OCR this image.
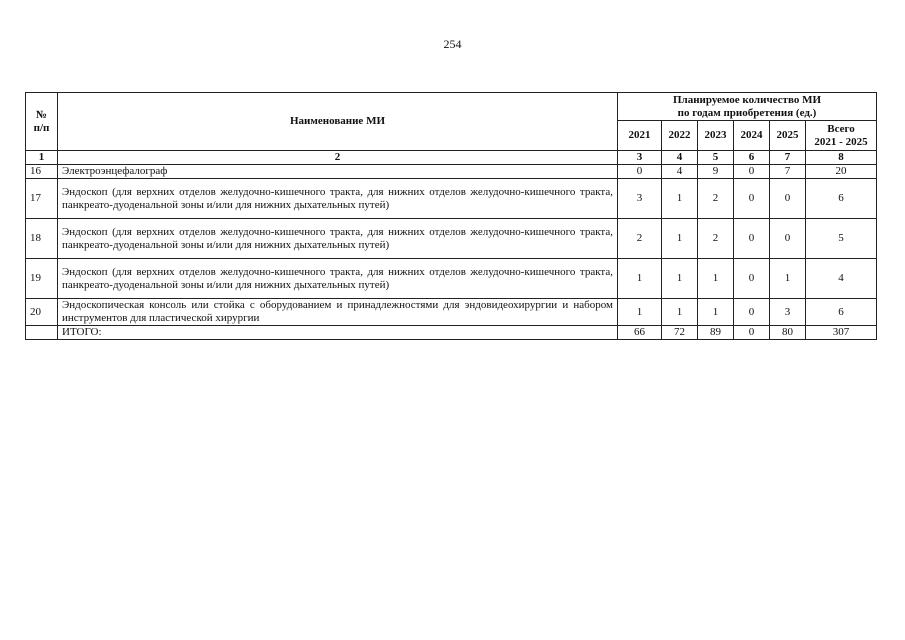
254
№
п/п	Наименование МИ	Планируемое количество МИ
по годам приобретения (ед.)					

		2021	2022	2023	2024	2025	Всего
2021 - 2025

1	2	3	4	5	6	7	8
16	Электроэнцефалограф	0	4	9	0	7	20
17	Эндоскоп (для верхних отделов желудочно-кишечного тракта, для нижних отделов желудочно-кишечного тракта, панкреато-дуоденальной зоны и/или для нижних дыхательных путей)	3	1	2	0	0	6
18	Эндоскоп (для верхних отделов желудочно-кишечного тракта, для нижних отделов желудочно-кишечного тракта, панкреато-дуоденальной зоны и/или для нижних дыхательных путей)	2	1	2	0	0	5
19	Эндоскоп (для верхних отделов желудочно-кишечного тракта, для нижних отделов желудочно-кишечного тракта, панкреато-дуоденальной зоны и/или для нижних дыхательных путей)	1	1	1	0	1	4
20	Эндоскопическая консоль или стойка с оборудованием и принадлежностями для эндовидеохирургии и набором инструментов для пластической хирургии	1	1	1	0	3	6
	ИТОГО:	66	72	89	0	80	307
